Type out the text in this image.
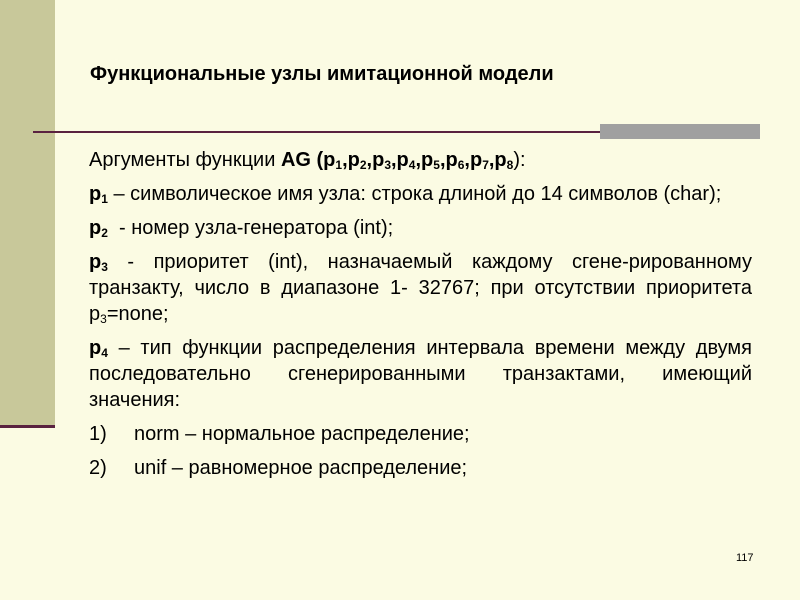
Функциональные узлы имитационной модели

Аргументы функции AG $(p_1,p_2,p_3,p_4,p_5,p_6,p_7,p_8)$:

$p_1$ – символическое имя узла: строка длиной до 14 символов (char);

$p_2$  - номер узла-генератора (int);

$p_3$ - приоритет (int), назначаемый каждому сгене-рированному транзакту, число в диапазоне 1- 32767; при отсутствии приоритета $p_3=none$;

$p_4$ – тип функции распределения интервала времени между двумя последовательно сгенерированными транзактами, имеющий значения:

1)	norm – нормальное распределение;
2)	unif – равномерное распределение;
117
